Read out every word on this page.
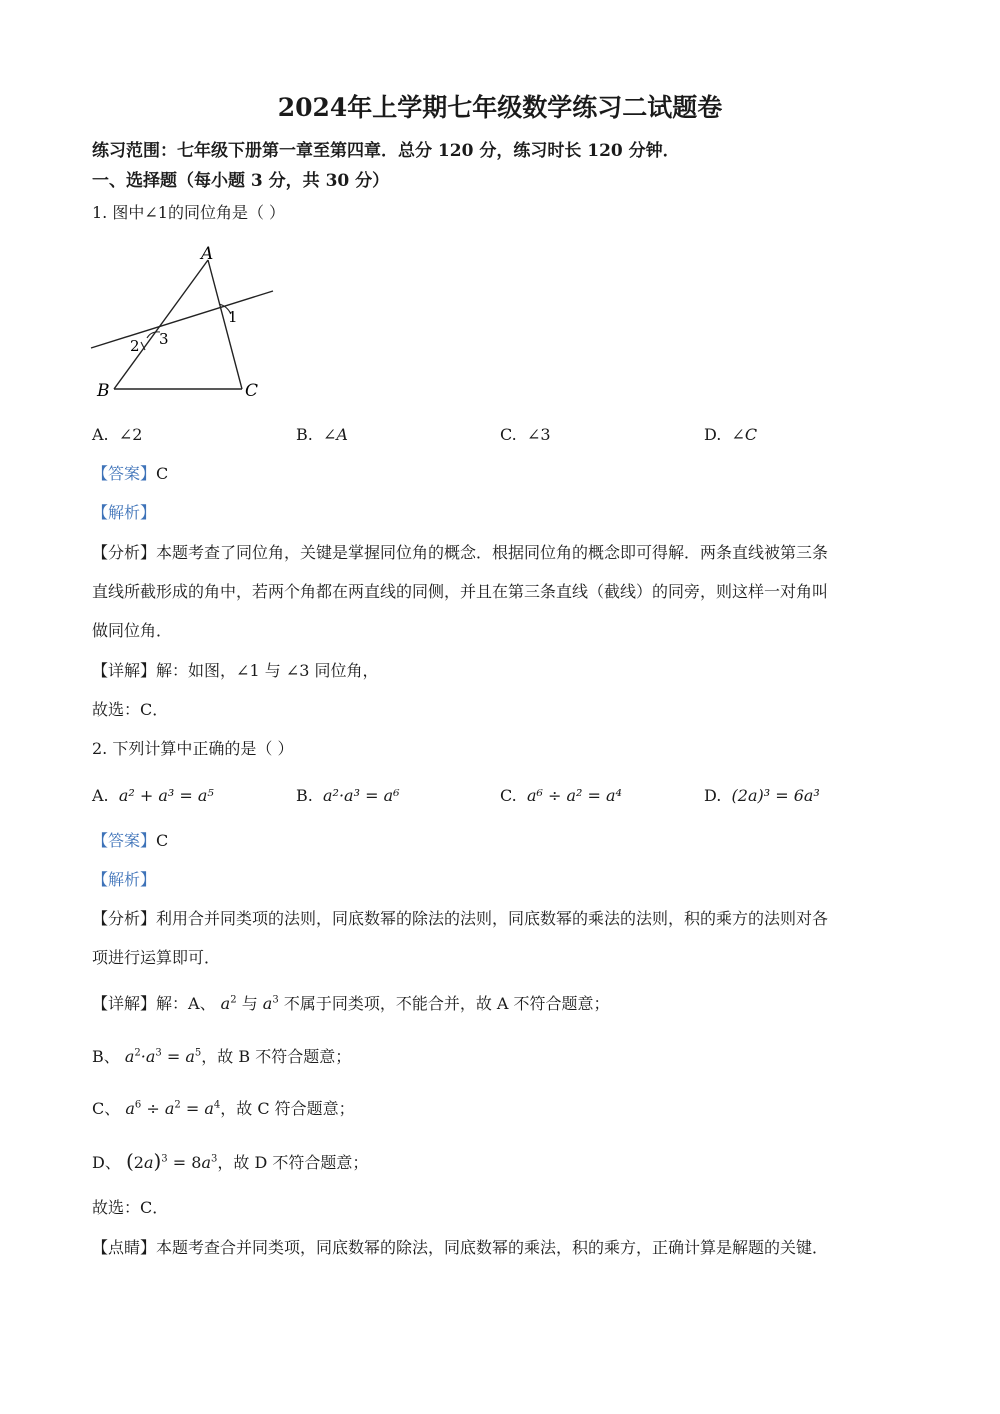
2024年上学期七年级数学练习二试题卷
练习范围：七年级下册第一章至第四章．总分 120 分，练习时长 120 分钟．
一、选择题（每小题 3 分，共 30 分）
1. 图中∠1的同位角是（ ）
A
B	C
1
2 3
A. ∠2	B. ∠A	C. ∠3	D. ∠C
【答案】C
【解析】
【分析】本题考查了同位角，关键是掌握同位角的概念．根据同位角的概念即可得解．两条直线被第三条
直线所截形成的角中，若两个角都在两直线的同侧，并且在第三条直线（截线）的同旁，则这样一对角叫
做同位角．
【详解】解：如图，∠1 与 ∠3 同位角，
故选：C．
2. 下列计算中正确的是（ ）
A. a² + a³ = a⁵	B. a²·a³ = a⁶	C. a⁶ ÷ a² = a⁴	D. (2a)³ = 6a³
【答案】C
【解析】
【分析】利用合并同类项的法则，同底数幂的除法的法则，同底数幂的乘法的法则，积的乘方的法则对各
项进行运算即可．
【详解】解：A、 $a^2$ 与 $a^3$ 不属于同类项，不能合并，故 A 不符合题意；
B、 $a^2\cdot a^3 = a^5$，故 B 不符合题意；
C、 $a^6 \div a^2 = a^4$，故 C 符合题意；
D、 $(2a)^3 = 8a^3$，故 D 不符合题意；
故选：C．
【点睛】本题考查合并同类项，同底数幂的除法，同底数幂的乘法，积的乘方，正确计算是解题的关键．
